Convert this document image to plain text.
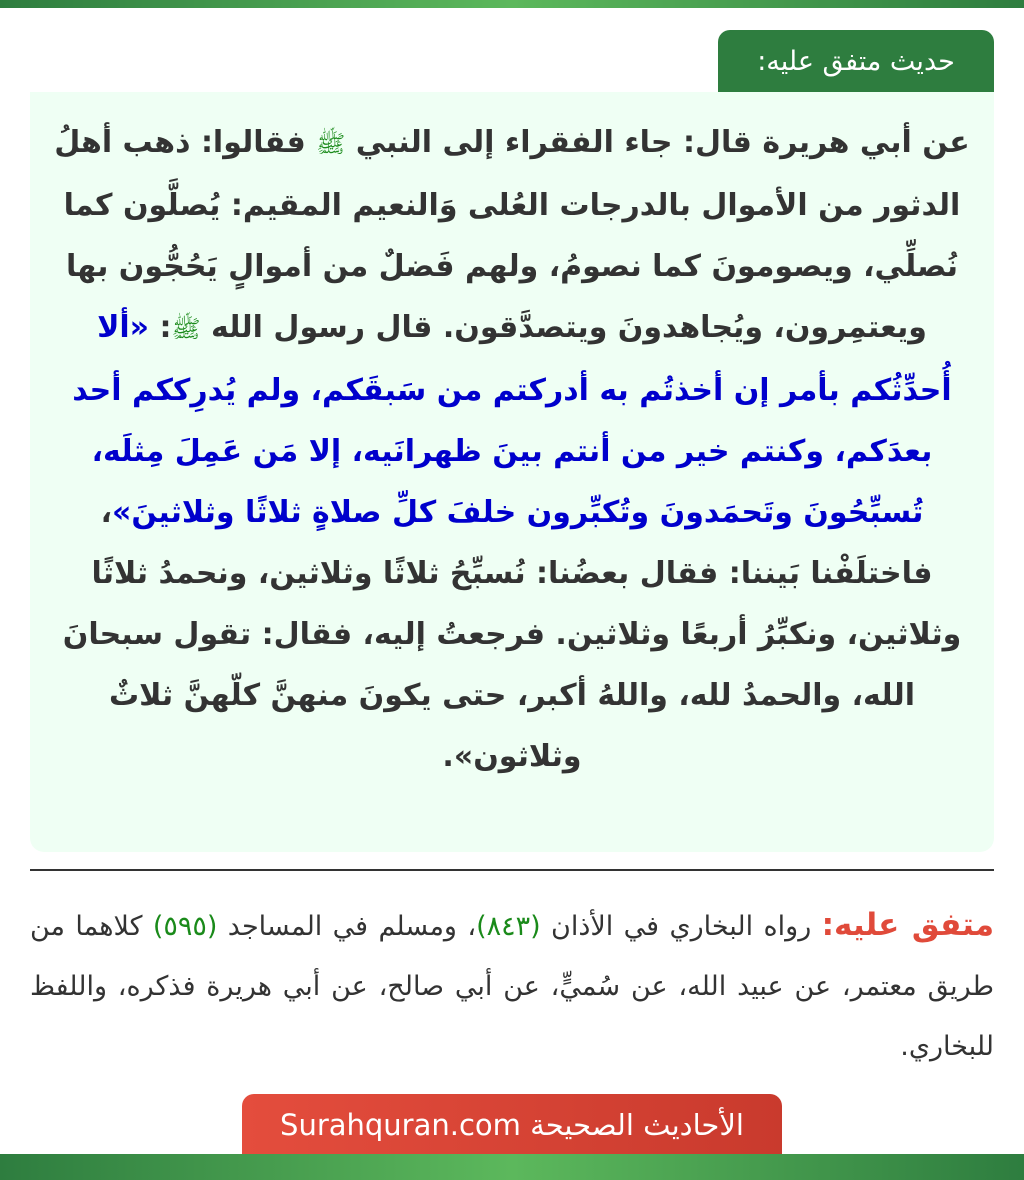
حديث متفق عليه:

عن أبي هريرة قال: جاء الفقراء إلى النبي ﷺ فقالوا: ذهب أهلُ الدثور من الأموال بالدرجات العُلى وَالنعيم المقيم: يُصلَّون كما نُصلِّي، ويصومونَ كما نصومُ، ولهم فَضلٌ من أموالٍ يَحُجُّون بها ويعتمِرون، ويُجاهدونَ ويتصدَّقون. قال رسول الله ﷺ: «ألا أُحدِّثُكم بأمر إن أخذتُم به أدركتم من سَبقَكم، ولم يُدرِككم أحد بعدَكم، وكنتم خير من أنتم بينَ ظهرانَيه، إلا مَن عَمِلَ مِثلَه، تُسبِّحُونَ وتَحمَدونَ وتُكبِّرون خلفَ كلِّ صلاةٍ ثلاثًا وثلاثينَ»، فاختلَفْنا بَيننا: فقال بعضُنا: نُسبِّحُ ثلاثًا وثلاثين، ونحمدُ ثلاثًا وثلاثين، ونكبِّرُ أربعًا وثلاثين. فرجعتُ إليه، فقال: تقول سبحانَ الله، والحمدُ لله، واللهُ أكبر، حتى يكونَ منهنَّ كلّهنَّ ثلاثٌ وثلاثون».

متفق عليه: رواه البخاري في الأذان (٨٤٣)، ومسلم في المساجد (٥٩٥) كلاهما من طريق معتمر، عن عبيد الله، عن سُميٍّ، عن أبي صالح، عن أبي هريرة فذكره، واللفظ للبخاري.
الأحاديث الصحيحة Surahquran.com
